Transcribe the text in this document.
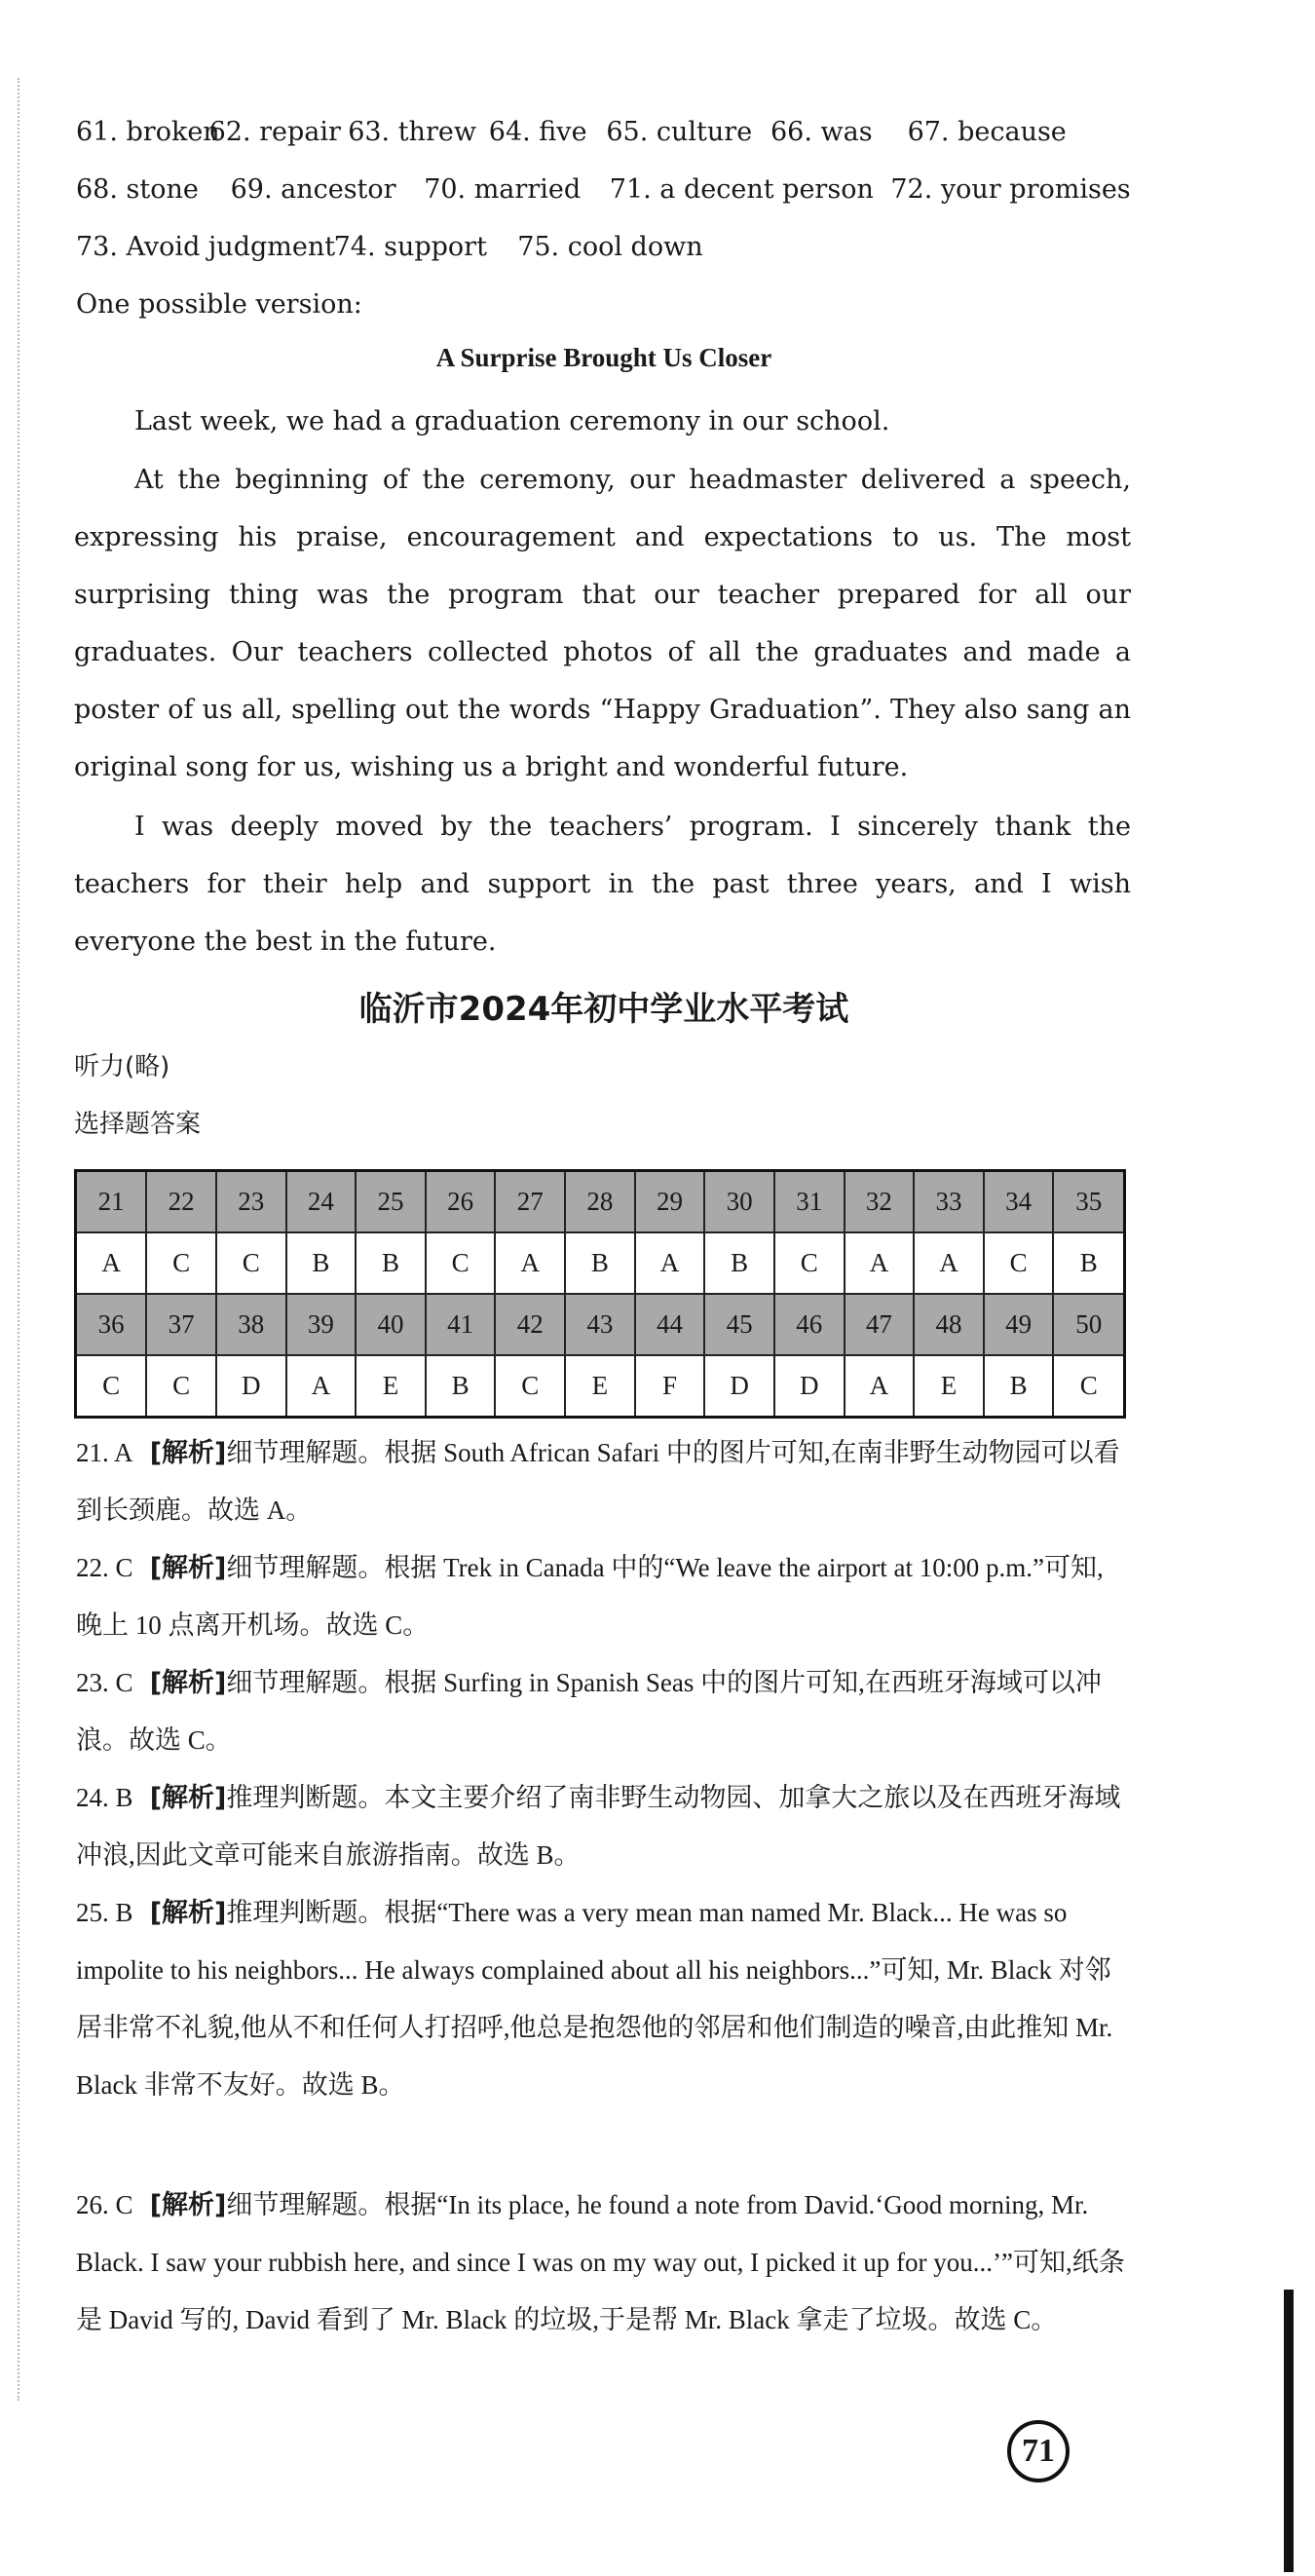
61. broken 62. repair 63. threw 64. five 65. culture 66. was 67. because
68. stone 69. ancestor 70. married 71. a decent person 72. your promises
73. Avoid judgment 74. support 75. cool down
One possible version:
A Surprise Brought Us Closer
Last week, we had a graduation ceremony in our school.
At the beginning of the ceremony, our headmaster delivered a speech, expressing his praise, encouragement and expectations to us. The most surprising thing was the program that our teacher prepared for all our graduates. Our teachers collected photos of all the graduates and made a poster of us all, spelling out the words “Happy Graduation”. They also sang an original song for us, wishing us a bright and wonderful future.
I was deeply moved by the teachers’ program. I sincerely thank the teachers for their help and support in the past three years, and I wish everyone the best in the future.
临沂市2024年初中学业水平考试
听力(略)
选择题答案
21	22	23	24	25	26	27	28	29	30	31	32	33	34	35
A	C	C	B	B	C	A	B	A	B	C	A	A	C	B
36	37	38	39	40	41	42	43	44	45	46	47	48	49	50
C	C	D	A	E	B	C	E	F	D	D	A	E	B	C
21. A [解析]细节理解题。根据 South African Safari 中的图片可知,在南非野生动物园可以看到长颈鹿。故选 A。
22. C [解析]细节理解题。根据 Trek in Canada 中的“We leave the airport at 10:00 p.m.”可知,晚上 10 点离开机场。故选 C。
23. C [解析]细节理解题。根据 Surfing in Spanish Seas 中的图片可知,在西班牙海域可以冲浪。故选 C。
24. B [解析]推理判断题。本文主要介绍了南非野生动物园、加拿大之旅以及在西班牙海域冲浪,因此文章可能来自旅游指南。故选 B。
25. B [解析]推理判断题。根据“There was a very mean man named Mr. Black... He was so impolite to his neighbors... He always complained about all his neighbors...”可知, Mr. Black 对邻居非常不礼貌,他从不和任何人打招呼,他总是抱怨他的邻居和他们制造的噪音,由此推知 Mr. Black 非常不友好。故选 B。
26. C [解析]细节理解题。根据“In its place, he found a note from David.‘Good morning, Mr. Black. I saw your rubbish here, and since I was on my way out, I picked it up for you...’”可知,纸条是 David 写的, David 看到了 Mr. Black 的垃圾,于是帮 Mr. Black 拿走了垃圾。故选 C。
71
